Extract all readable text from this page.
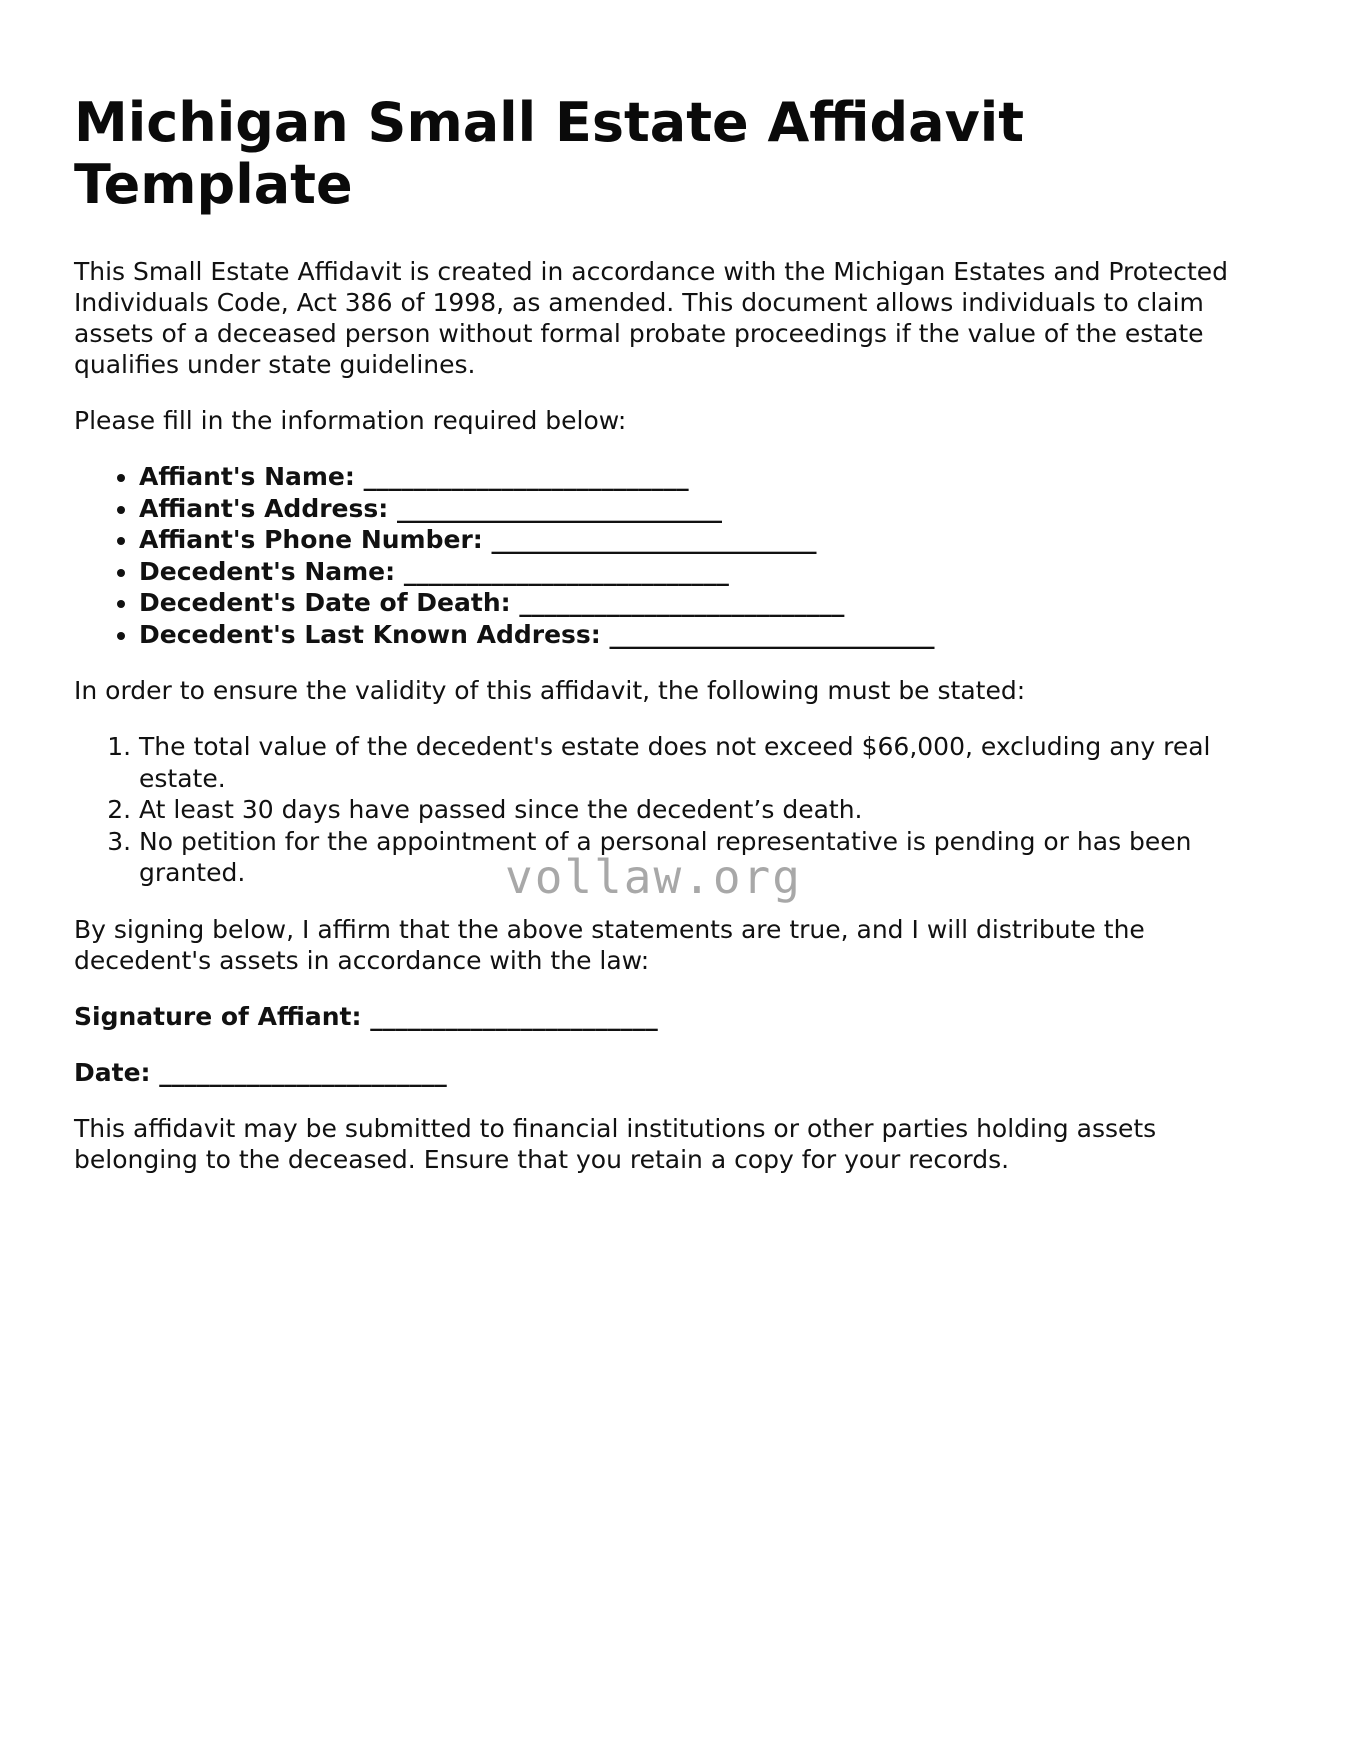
Michigan Small Estate Affidavit Template

This Small Estate Affidavit is created in accordance with the Michigan Estates and Protected Individuals Code, Act 386 of 1998, as amended. This document allows individuals to claim assets of a deceased person without formal probate proceedings if the value of the estate qualifies under state guidelines.

Please fill in the information required below:

• Affiant's Name: __________________________
• Affiant's Address: __________________________
• Affiant's Phone Number: __________________________
• Decedent's Name: __________________________
• Decedent's Date of Death: __________________________
• Decedent's Last Known Address: __________________________

In order to ensure the validity of this affidavit, the following must be stated:

1. The total value of the decedent's estate does not exceed $66,000, excluding any real estate.
2. At least 30 days have passed since the decedent’s death.
3. No petition for the appointment of a personal representative is pending or has been granted.

By signing below, I affirm that the above statements are true, and I will distribute the decedent's assets in accordance with the law:

Signature of Affiant: _______________________

Date: _______________________

This affidavit may be submitted to financial institutions or other parties holding assets belonging to the deceased. Ensure that you retain a copy for your records.

vollaw.org
